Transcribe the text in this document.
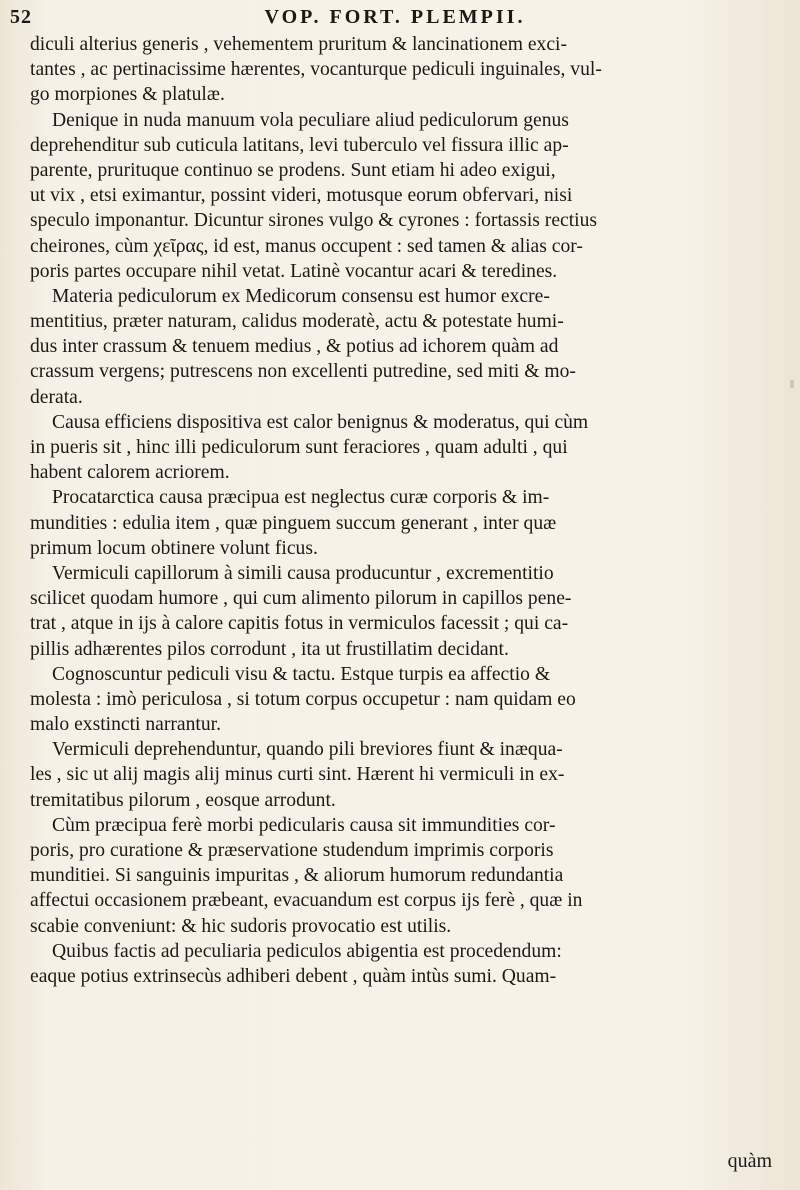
52	VOP. FORT. PLEMPII.
diculi alterius generis , vehementem pruritum & lancinationem exci-
tantes , ac pertinacissime hærentes, vocanturque pediculi inguinales, vul-
go morpiones & platulæ.
Denique in nuda manuum vola peculiare aliud pediculorum genus
deprehenditur sub cuticula latitans, levi tuberculo vel fissura illic ap-
parente, prurituque continuo se prodens. Sunt etiam hi adeo exigui,
ut vix , etsi eximantur, possint videri, motusque eorum obfervari, nisi
speculo imponantur. Dicuntur sirones vulgo & cyrones : fortassis rectius
cheirones, cùm χεῖρας, id est, manus occupent : sed tamen & alias cor-
poris partes occupare nihil vetat. Latinè vocantur acari & teredines.
Materia pediculorum ex Medicorum consensu est humor excre-
mentitius, præter naturam, calidus moderatè, actu & potestate humi-
dus inter crassum & tenuem medius , & potius ad ichorem quàm ad
crassum vergens; putrescens non excellenti putredine, sed miti & mo-
derata.
Causa efficiens dispositiva est calor benignus & moderatus, qui cùm
in pueris sit , hinc illi pediculorum sunt feraciores , quam adulti , qui
habent calorem acriorem.
Procatarctica causa præcipua est neglectus curæ corporis & im-
mundities : edulia item , quæ pinguem succum generant , inter quæ
primum locum obtinere volunt ficus.
Vermiculi capillorum à simili causa producuntur , excrementitio
scilicet quodam humore , qui cum alimento pilorum in capillos pene-
trat , atque in ijs à calore capitis fotus in vermiculos facessit ; qui ca-
pillis adhærentes pilos corrodunt , ita ut frustillatim decidant.
Cognoscuntur pediculi visu & tactu. Estque turpis ea affectio &
molesta : imò periculosa , si totum corpus occupetur : nam quidam eo
malo exstincti narrantur.
Vermiculi deprehenduntur, quando pili breviores fiunt & inæqua-
les , sic ut alij magis alij minus curti sint. Hærent hi vermiculi in ex-
tremitatibus pilorum , eosque arrodunt.
Cùm præcipua ferè morbi pedicularis causa sit immundities cor-
poris, pro curatione & præservatione studendum imprimis corporis
munditiei. Si sanguinis impuritas , & aliorum humorum redundantia
affectui occasionem præbeant, evacuandum est corpus ijs ferè , quæ in
scabie conveniunt: & hic sudoris provocatio est utilis.
Quibus factis ad peculiaria pediculos abigentia est procedendum:
eaque potius extrinsecùs adhiberi debent , quàm intùs sumi. Quam-
quàm
